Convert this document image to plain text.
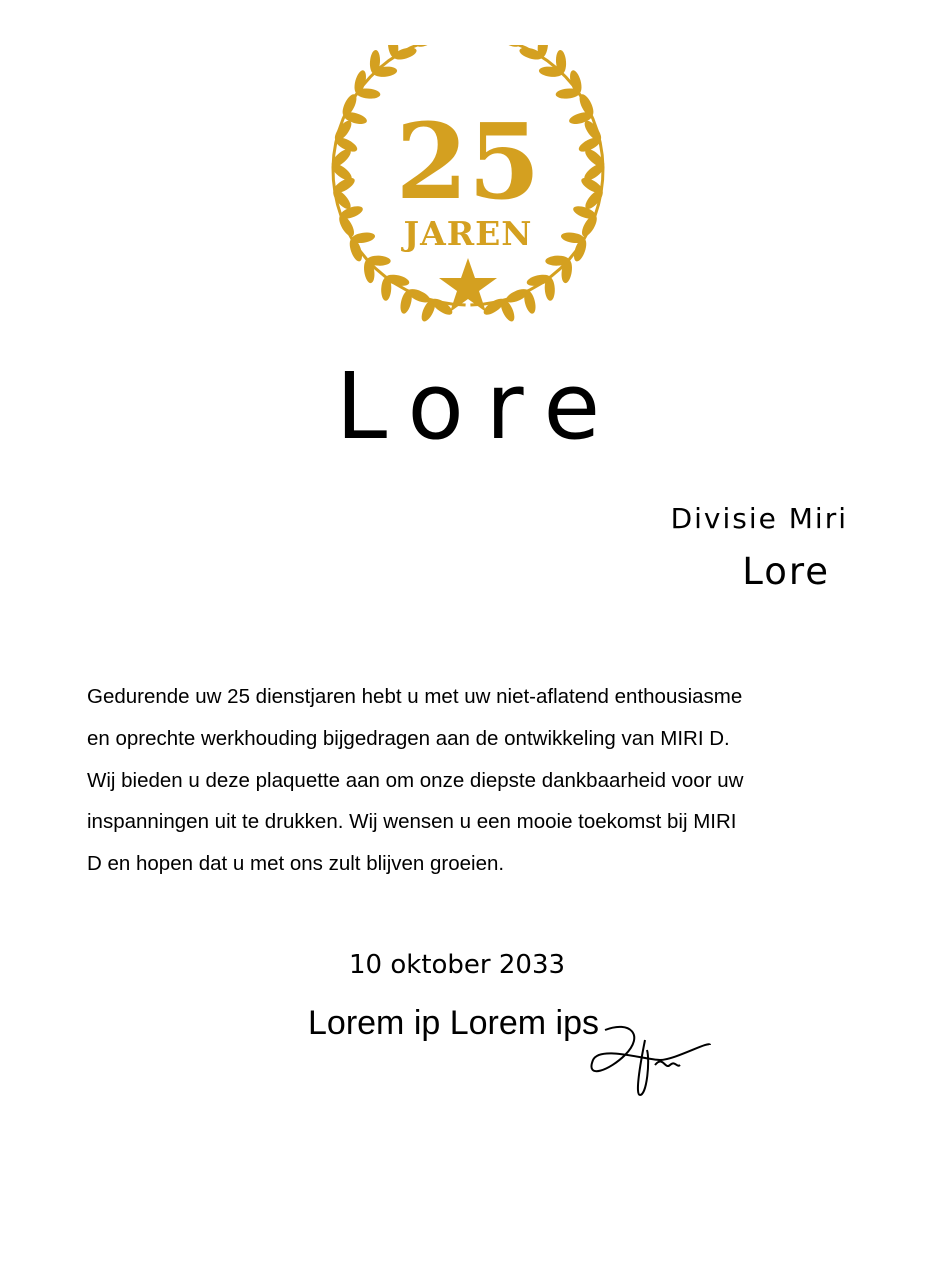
25
JAREN
Lore
Divisie Miri
Lore
Gedurende uw 25 dienstjaren hebt u met uw niet-aflatend enthousiasme
en oprechte werkhouding bijgedragen aan de ontwikkeling van MIRI D.
Wij bieden u deze plaquette aan om onze diepste dankbaarheid voor uw
inspanningen uit te drukken. Wij wensen u een mooie toekomst bij MIRI
D en hopen dat u met ons zult blijven groeien.
10 oktober 2033
Lorem ip Lorem ips
